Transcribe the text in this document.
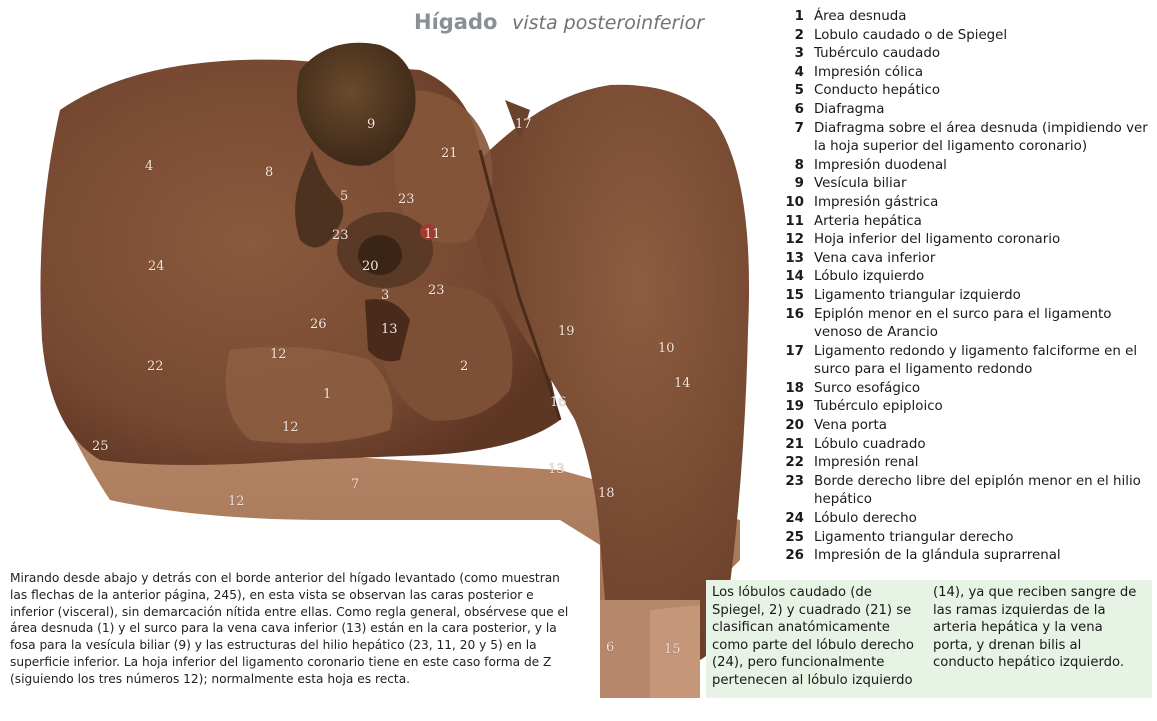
4	8
9
21
17
5	23
23	11
20
23
3
24
26	13
12
2
19
10
14
22
1
16
12
25
7
13
12
18
6	15
Hígado vista posteroinferior	1 Área desnuda
2 Lobulo caudado o de Spiegel
3 Tubérculo caudado
4 Impresión cólica
5 Conducto hepático
6 Diafragma
7 Diafragma sobre el área desnuda (impidiendo ver la hoja superior del ligamento coronario)
8 Impresión duodenal
9 Vesícula biliar
10 Impresión gástrica
11 Arteria hepática
12 Hoja inferior del ligamento coronario
13 Vena cava inferior
14 Lóbulo izquierdo
15 Ligamento triangular izquierdo
16 Epiplón menor en el surco para el ligamento venoso de Arancio
17 Ligamento redondo y ligamento falciforme en el surco para el ligamento redondo
18 Surco esofágico
19 Tubérculo epiploico
20 Vena porta
21 Lóbulo cuadrado
22 Impresión renal
23 Borde derecho libre del epiplón menor en el hilio hepático
24 Lóbulo derecho
25 Ligamento triangular derecho
26 Impresión de la glándula suprarrenal
Mirando desde abajo y detrás con el borde anterior del hígado levantado (como muestran las flechas de la anterior página, 245), en esta vista se observan las caras posterior e inferior (visceral), sin demarcación nítida entre ellas. Como regla general, obsérvese que el área desnuda (1) y el surco para la vena cava inferior (13) están en la cara posterior, y la fosa para la vesícula biliar (9) y las estructuras del hilio hepático (23, 11, 20 y 5) en la superficie inferior. La hoja inferior del ligamento coronario tiene en este caso forma de Z (siguiendo los tres números 12); normalmente esta hoja es recta.
Los lóbulos caudado (de Spiegel, 2) y cuadrado (21) se clasifican anatómicamente como parte del lóbulo derecho (24), pero funcionalmente pertenecen al lóbulo izquierdo
(14), ya que reciben sangre de las ramas izquierdas de la arteria hepática y la vena porta, y drenan bilis al conducto hepático izquierdo.
